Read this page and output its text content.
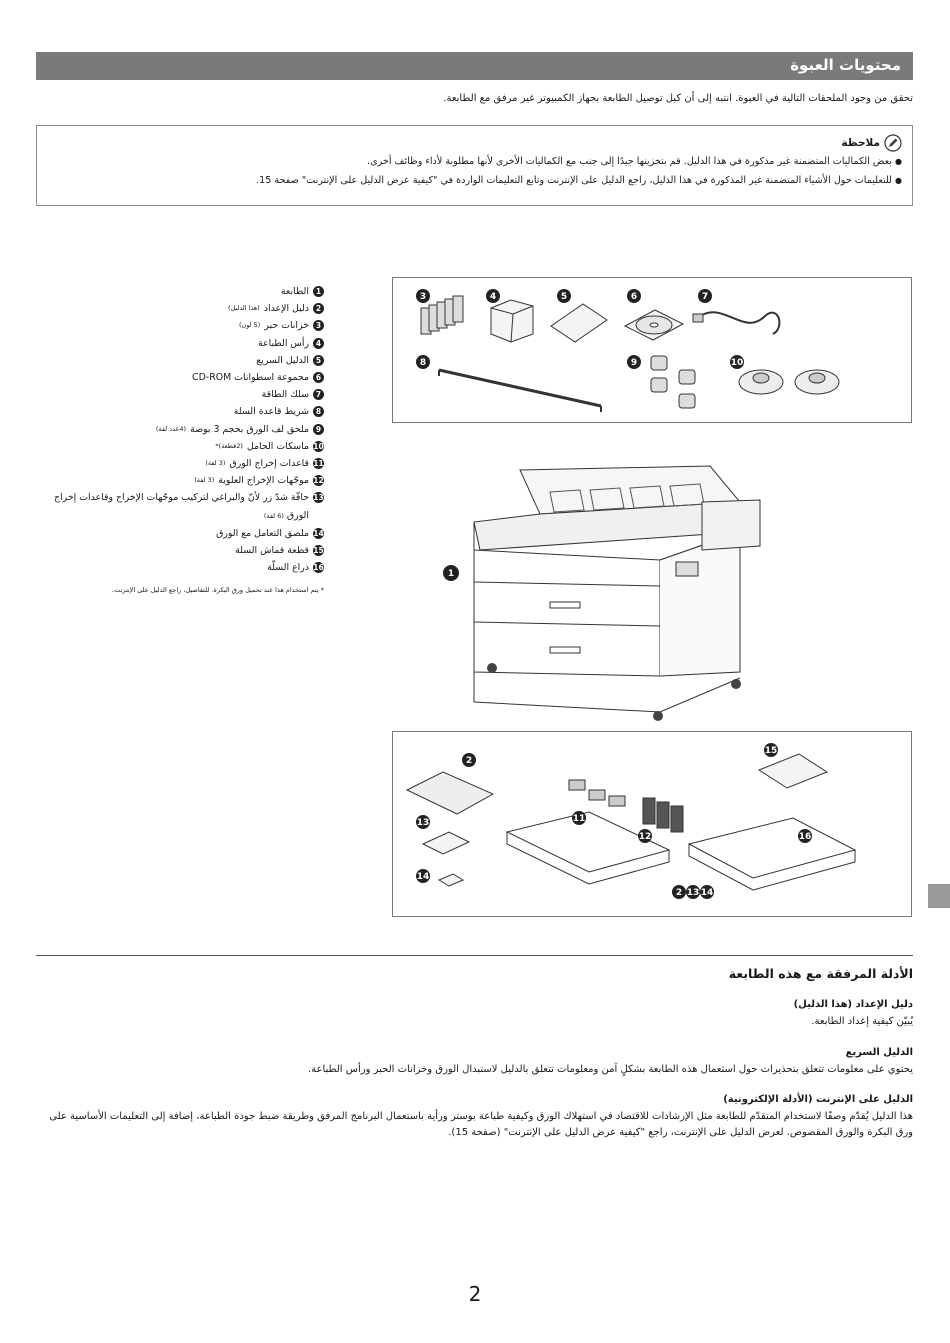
محتويات العبوة
تحقق من وجود الملحقات التالية في العبوة. انتبه إلى أن كبل توصيل الطابعة بجهاز الكمبيوتر غير مرفق مع الطابعة.
ملاحظة
● بعض الكماليات المتضمنة غير مذكورة في هذا الدليل. قم بتخزينها جيدًا إلى جنب مع الكماليات الأخرى لأنها مطلوبة لأداء وظائف أخرى.
● للتعليمات حول الأشياء المتضمنة غير المذكورة في هذا الدليل، راجع الدليل على الإنترنت وتابع التعليمات الواردة في "كيفية عرض الدليل على الإنترنت" صفحة 15.
1
الطابعة
2
دليل الإعداد
(هذا الدليل)
3
خزانات حبر
(5 لون)
4
رأس الطباعة
5
الدليل السريع
6
مجموعة اسطوانات CD-ROM
7
سلك الطاقة
8
شريط قاعدة السلة
9
ملحق لف الورق بحجم 3 بوصة
(4عدد لفة)
10
ماسكات الحامل
(2قطعة)*
11
قاعدات إخراج الورق
(3 لفة)
12
موجّهات الإخراج العلوية
(3 لفة)
13
حافّة شدّ زر لأنّ والبراغي لتركيب موجّهات الإخراج وقاعدات إخراج الورق (6 لفة)
14
ملصق التعامل مع الورق
15
قطعة قماش السلة
16
ذراع السلّة
* يتم استخدام هذا عند تحميل ورق البكرة. للتفاصيل، راجع الدليل على الإنترنت.
3	4	5	6	7
8	9	10
1
2
13
14
11
12
15
16
2 13 14
الأدلة المرفقة مع هذه الطابعة
دليل الإعداد (هذا الدليل)
يُبيّن كيفية إعداد الطابعة.
الدليل السريع
يحتوي على معلومات تتعلق بتحذيرات حول استعمال هذه الطابعة بشكلٍ آمن ومعلومات تتعلق بالدليل لاستبدال الورق وخزانات الحبر ورأس الطباعة.
الدليل على الإنترنت (الأدلة الإلكترونية)
هذا الدليل يُقدّم وصفًا لاستخدام المتقدّم للطابعة مثل الإرشادات للاقتصاد في استهلاك الورق وكيفية طباعة بوستر ورأية باستعمال البرنامج المرفق وطريقة ضبط جودة الطباعة، إضافة إلى التعليمات الأساسية على ورق البكرة والورق المقصوص. لعرض الدليل على الإنترنت، راجع "كيفية عرض الدليل على الإنترنت" (صفحة 15).
2
